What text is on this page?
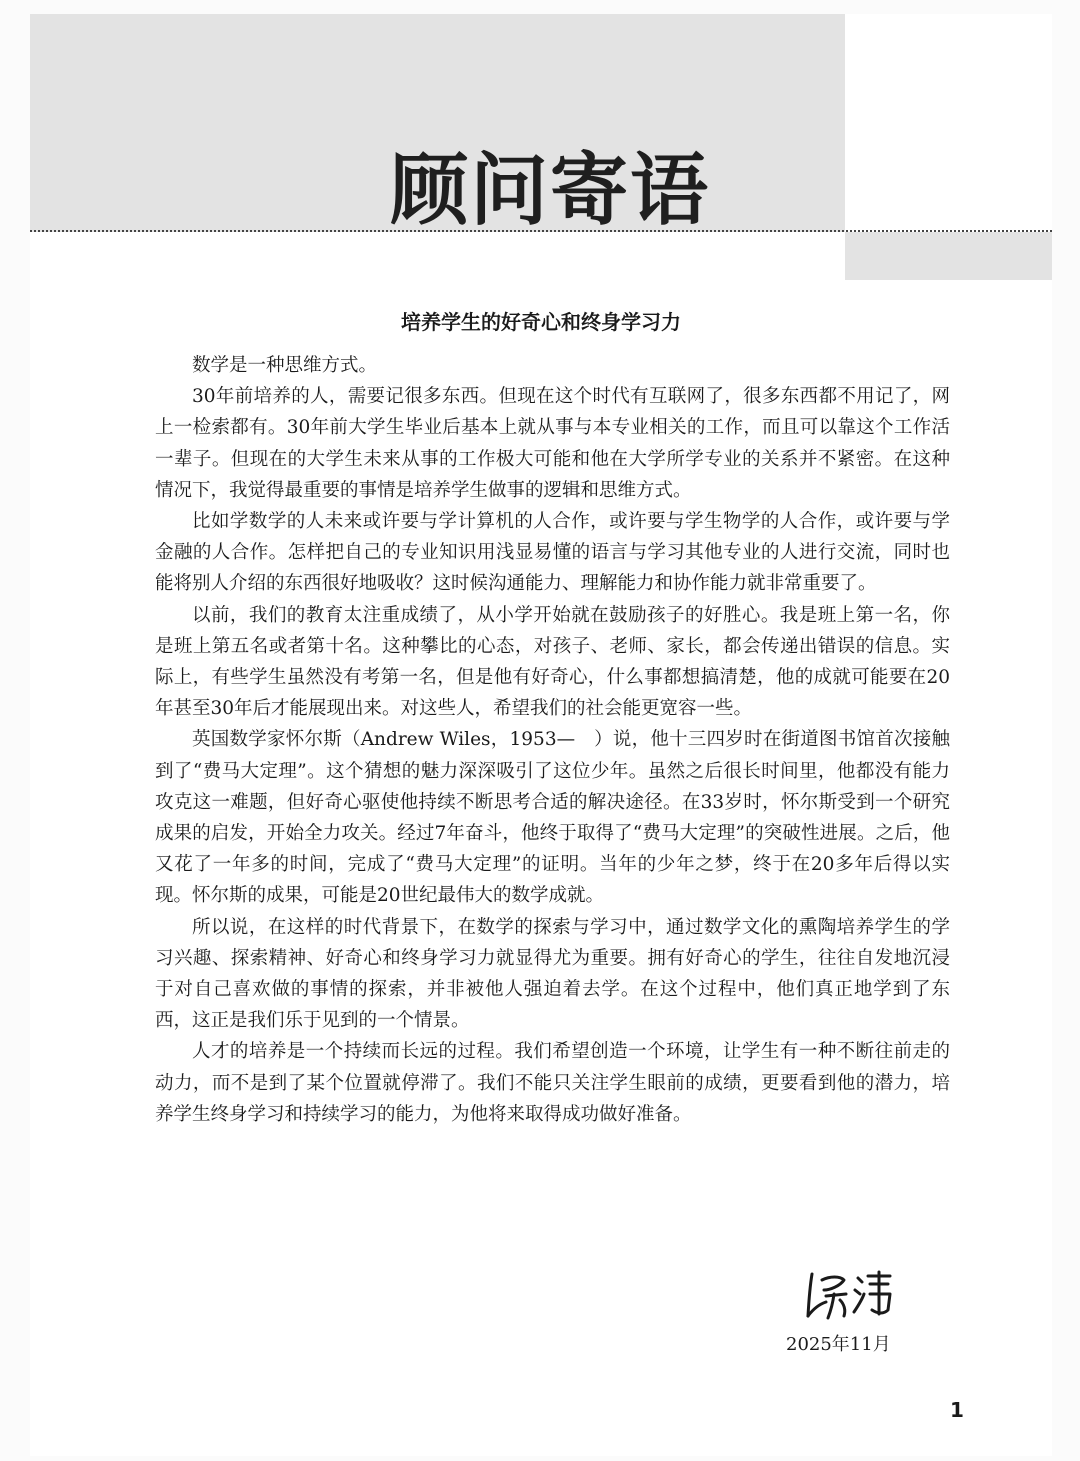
顾问寄语
培养学生的好奇心和终身学习力

数学是一种思维方式。

30年前培养的人，需要记很多东西。但现在这个时代有互联网了，很多东西都不用记了，网上一检索都有。30年前大学生毕业后基本上就从事与本专业相关的工作，而且可以靠这个工作活一辈子。但现在的大学生未来从事的工作极大可能和他在大学所学专业的关系并不紧密。在这种情况下，我觉得最重要的事情是培养学生做事的逻辑和思维方式。

比如学数学的人未来或许要与学计算机的人合作，或许要与学生物学的人合作，或许要与学金融的人合作。怎样把自己的专业知识用浅显易懂的语言与学习其他专业的人进行交流，同时也能将别人介绍的东西很好地吸收？这时候沟通能力、理解能力和协作能力就非常重要了。

以前，我们的教育太注重成绩了，从小学开始就在鼓励孩子的好胜心。我是班上第一名，你是班上第五名或者第十名。这种攀比的心态，对孩子、老师、家长，都会传递出错误的信息。实际上，有些学生虽然没有考第一名，但是他有好奇心，什么事都想搞清楚，他的成就可能要在20年甚至30年后才能展现出来。对这些人，希望我们的社会能更宽容一些。

英国数学家怀尔斯（Andrew Wiles，1953—　）说，他十三四岁时在街道图书馆首次接触到了“费马大定理”。这个猜想的魅力深深吸引了这位少年。虽然之后很长时间里，他都没有能力攻克这一难题，但好奇心驱使他持续不断思考合适的解决途径。在33岁时，怀尔斯受到一个研究成果的启发，开始全力攻关。经过7年奋斗，他终于取得了“费马大定理”的突破性进展。之后，他又花了一年多的时间，完成了“费马大定理”的证明。当年的少年之梦，终于在20多年后得以实现。怀尔斯的成果，可能是20世纪最伟大的数学成就。

所以说，在这样的时代背景下，在数学的探索与学习中，通过数学文化的熏陶培养学生的学习兴趣、探索精神、好奇心和终身学习力就显得尤为重要。拥有好奇心的学生，往往自发地沉浸于对自己喜欢做的事情的探索，并非被他人强迫着去学。在这个过程中，他们真正地学到了东西，这正是我们乐于见到的一个情景。

人才的培养是一个持续而长远的过程。我们希望创造一个环境，让学生有一种不断往前走的动力，而不是到了某个位置就停滞了。我们不能只关注学生眼前的成绩，更要看到他的潜力，培养学生终身学习和持续学习的能力，为他将来取得成功做好准备。

2025年11月
1
